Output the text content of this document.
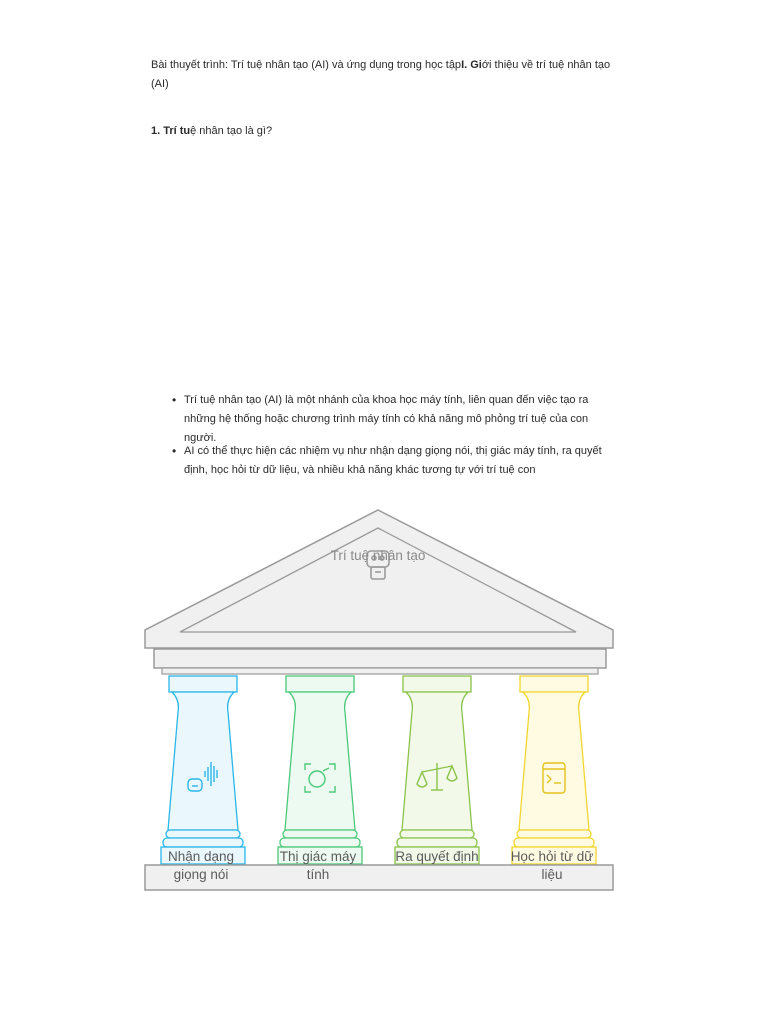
Bài thuyết trình: Trí tuệ nhân tạo (AI) và ứng dụng trong học tậpI. Giới thiệu về trí tuệ nhân tạo (AI)
1. Trí tuệ nhân tạo là gì?
• Trí tuệ nhân tạo (AI) là một nhánh của khoa học máy tính, liên quan đến việc tạo ra những hệ thống hoặc chương trình máy tính có khả năng mô phỏng trí tuệ của con người.
• AI có thể thực hiện các nhiệm vụ như nhận dạng giọng nói, thị giác máy tính, ra quyết định, học hỏi từ dữ liệu, và nhiều khả năng khác tương tự với trí tuệ con
Trí tuệ nhân tạo
Nhận dạng
giọng nói
Thị giác máy
tính
Ra quyết định Học hỏi từ dữ
liệu
